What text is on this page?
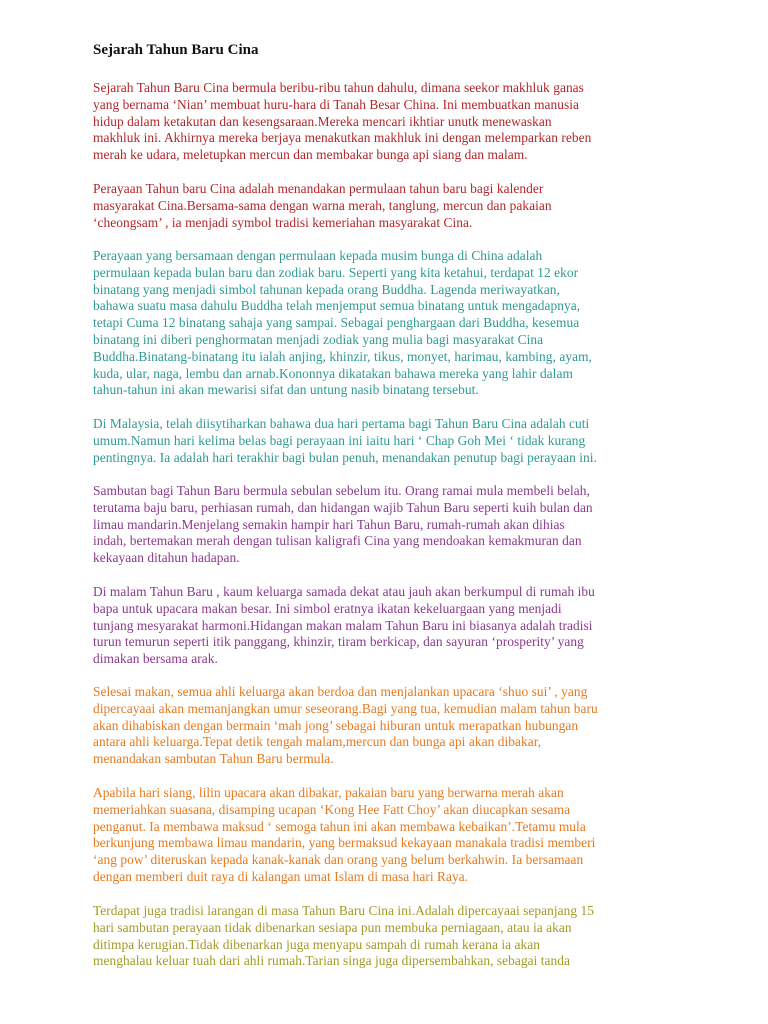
Sejarah Tahun Baru Cina

Sejarah Tahun Baru Cina bermula beribu-ribu tahun dahulu, dimana seekor makhluk ganas
yang bernama ‘Nian’ membuat huru-hara di Tanah Besar China. Ini membuatkan manusia
hidup dalam ketakutan dan kesengsaraan.Mereka mencari ikhtiar unutk menewaskan
makhluk ini. Akhirnya mereka berjaya menakutkan makhluk ini dengan melemparkan reben
merah ke udara, meletupkan mercun dan membakar bunga api siang dan malam.

Perayaan Tahun baru Cina adalah menandakan permulaan tahun baru bagi kalender
masyarakat Cina.Bersama-sama dengan warna merah, tanglung, mercun dan pakaian
‘cheongsam’ , ia menjadi symbol tradisi kemeriahan masyarakat Cina.

Perayaan yang bersamaan dengan permulaan kepada musim bunga di China adalah
permulaan kepada bulan baru dan zodiak baru. Seperti yang kita ketahui, terdapat 12 ekor
binatang yang menjadi simbol tahunan kepada orang Buddha. Lagenda meriwayatkan,
bahawa suatu masa dahulu Buddha telah menjemput semua binatang untuk mengadapnya,
tetapi Cuma 12 binatang sahaja yang sampai. Sebagai penghargaan dari Buddha, kesemua
binatang ini diberi penghormatan menjadi zodiak yang mulia bagi masyarakat Cina
Buddha.Binatang-binatang itu ialah anjing, khinzir, tikus, monyet, harimau, kambing, ayam,
kuda, ular, naga, lembu dan arnab.Kononnya dikatakan bahawa mereka yang lahir dalam
tahun-tahun ini akan mewarisi sifat dan untung nasib binatang tersebut.

Di Malaysia, telah diisytiharkan bahawa dua hari pertama bagi Tahun Baru Cina adalah cuti
umum.Namun hari kelima belas bagi perayaan ini iaitu hari ‘ Chap Goh Mei ‘ tidak kurang
pentingnya. Ia adalah hari terakhir bagi bulan penuh, menandakan penutup bagi perayaan ini.

Sambutan bagi Tahun Baru bermula sebulan sebelum itu. Orang ramai mula membeli belah,
terutama baju baru, perhiasan rumah, dan hidangan wajib Tahun Baru seperti kuih bulan dan
limau mandarin.Menjelang semakin hampir hari Tahun Baru, rumah-rumah akan dihias
indah, bertemakan merah dengan tulisan kaligrafi Cina yang mendoakan kemakmuran dan
kekayaan ditahun hadapan.

Di malam Tahun Baru , kaum keluarga samada dekat atau jauh akan berkumpul di rumah ibu
bapa untuk upacara makan besar. Ini simbol eratnya ikatan kekeluargaan yang menjadi
tunjang mesyarakat harmoni.Hidangan makan malam Tahun Baru ini biasanya adalah tradisi
turun temurun seperti itik panggang, khinzir, tiram berkicap, dan sayuran ‘prosperity’ yang
dimakan bersama arak.

Selesai makan, semua ahli keluarga akan berdoa dan menjalankan upacara ‘shuo sui’ , yang
dipercayaai akan memanjangkan umur seseorang.Bagi yang tua, kemudian malam tahun baru
akan dihabiskan dengan bermain ‘mah jong’ sebagai hiburan untuk merapatkan hubungan
antara ahli keluarga.Tepat detik tengah malam,mercun dan bunga api akan dibakar,
menandakan sambutan Tahun Baru bermula.

Apabila hari siang, lilin upacara akan dibakar, pakaian baru yang berwarna merah akan
memeriahkan suasana, disamping ucapan ‘Kong Hee Fatt Choy’ akan diucapkan sesama
penganut. Ia membawa maksud ‘ semoga tahun ini akan membawa kebaikan’.Tetamu mula
berkunjung membawa limau mandarin, yang bermaksud kekayaan manakala tradisi memberi
‘ang pow’ diteruskan kepada kanak-kanak dan orang yang belum berkahwin. Ia bersamaan
dengan memberi duit raya di kalangan umat Islam di masa hari Raya.

Terdapat juga tradisi larangan di masa Tahun Baru Cina ini.Adalah dipercayaai sepanjang 15
hari sambutan perayaan tidak dibenarkan sesiapa pun membuka perniagaan, atau ia akan
ditimpa kerugian.Tidak dibenarkan juga menyapu sampah di rumah kerana ia akan
menghalau keluar tuah dari ahli rumah.Tarian singa juga dipersembahkan, sebagai tanda
